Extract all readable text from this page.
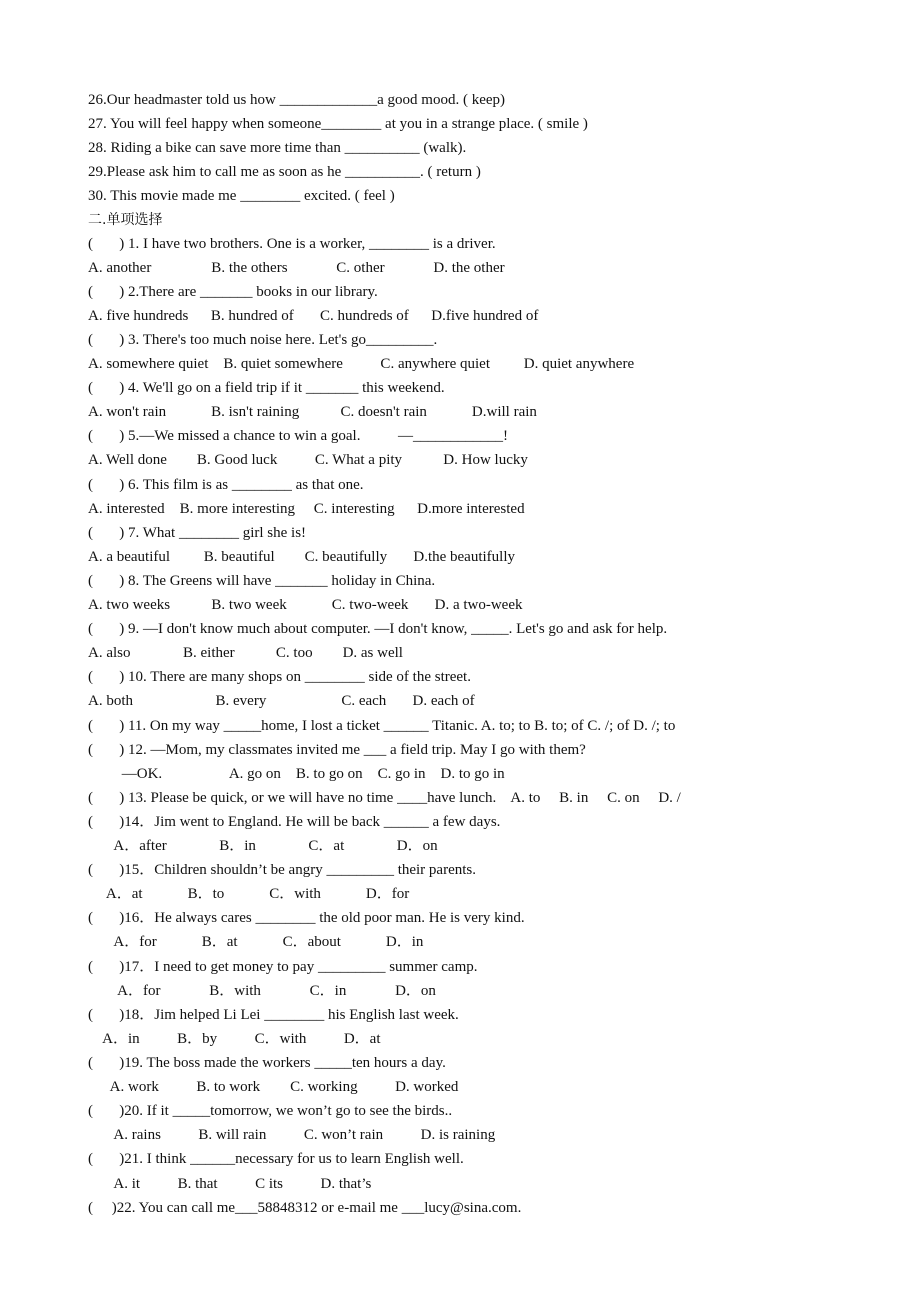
26.Our headmaster told us how _____________a good mood. ( keep)
27. You will feel happy when someone________ at you in a strange place. ( smile )
28. Riding a bike can save more time than __________ (walk).
29.Please ask him to call me as soon as he __________. ( return )
30. This movie made me ________ excited. ( feel )
二.单项选择
(       ) 1. I have two brothers. One is a worker, ________ is a driver.
A. another                B. the others             C. other             D. the other
(       ) 2.There are _______ books in our library.
A. five hundreds      B. hundred of       C. hundreds of      D.five hundred of
(       ) 3. There's too much noise here. Let's go_________.
A. somewhere quiet    B. quiet somewhere          C. anywhere quiet         D. quiet anywhere
(       ) 4. We'll go on a field trip if it _______ this weekend.
A. won't rain            B. isn't raining           C. doesn't rain            D.will rain
(       ) 5.—We missed a chance to win a goal.          —____________!
A. Well done        B. Good luck          C. What a pity           D. How lucky
(       ) 6. This film is as ________ as that one.
A. interested    B. more interesting     C. interesting      D.more interested
(       ) 7. What ________ girl she is!
A. a beautiful         B. beautiful        C. beautifully       D.the beautifully
(       ) 8. The Greens will have _______ holiday in China.
A. two weeks           B. two week            C. two-week       D. a two-week
(       ) 9. —I don't know much about computer. —I don't know, _____. Let's go and ask for help.
A. also              B. either           C. too        D. as well
(       ) 10. There are many shops on ________ side of the street.
A. both                      B. every                    C. each       D. each of
(       ) 11. On my way _____home, I lost a ticket ______ Titanic. A. to; to B. to; of C. /; of D. /; to
(       ) 12. —Mom, my classmates invited me ___ a field trip. May I go with them?
—OK.                  A. go on    B. to go on    C. go in    D. to go in
(       ) 13. Please be quick, or we will have no time ____have lunch.    A. to     B. in     C. on     D. /
(       )14．Jim went to England. He will be back ______ a few days.
A．after              B．in              C．at              D．on
(       )15．Children shouldn’t be angry _________ their parents.
A．at            B．to            C．with            D．for
(       )16．He always cares ________ the old poor man. He is very kind.
A．for            B．at            C．about            D．in
(       )17．I need to get money to pay _________ summer camp.
A．for             B．with             C．in             D．on
(       )18．Jim helped Li Lei ________ his English last week.
A．in          B．by          C．with          D．at
(       )19. The boss made the workers _____ten hours a day.
A. work          B. to work        C. working          D. worked
(       )20. If it _____tomorrow, we won’t go to see the birds..
A. rains          B. will rain          C. won’t rain          D. is raining
(       )21. I think ______necessary for us to learn English well.
A. it          B. that          C its          D. that’s
(     )22. You can call me___58848312 or e-mail me ___lucy@sina.com.
